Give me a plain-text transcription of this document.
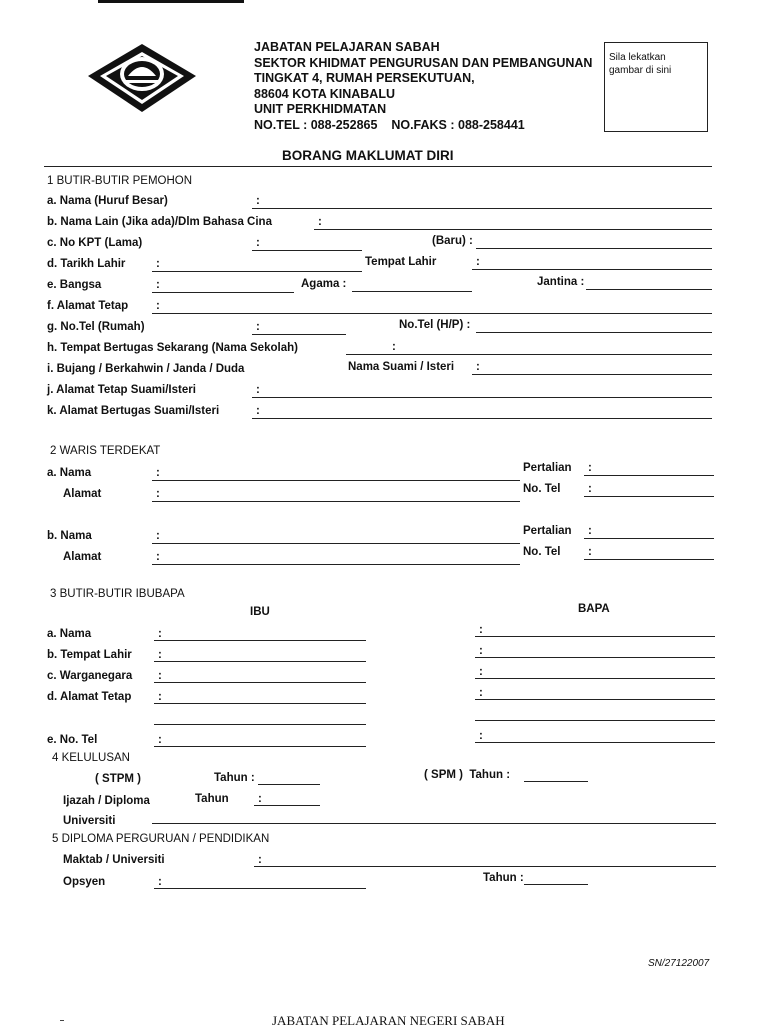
JABATAN PELAJARAN SABAH
SEKTOR KHIDMAT PENGURUSAN DAN PEMBANGUNAN
TINGKAT 4, RUMAH PERSEKUTUAN,
88604 KOTA KINABALU
UNIT PERKHIDMATAN
NO.TEL : 088-252865    NO.FAKS : 088-258441
Sila lekatkan
gambar di sini
BORANG MAKLUMAT DIRI
1 BUTIR-BUTIR PEMOHON
a. Nama (Huruf Besar)	:
b. Nama Lain (Jika ada)/Dlm Bahasa Cina	:
c. No KPT (Lama)	:	(Baru) :
d. Tarikh Lahir	:	Tempat Lahir	:
e. Bangsa	:	Agama :	Jantina :
f. Alamat Tetap :
g. No.Tel (Rumah)	:	No.Tel (H/P) :
h. Tempat Bertugas Sekarang (Nama Sekolah)	:
i. Bujang / Berkahwin / Janda / Duda	Nama Suami / Isteri :
j. Alamat Tetap Suami/Isteri	:
k. Alamat Bertugas Suami/Isteri	:
2 WARIS TERDEKAT
a. Nama	:	Pertalian :
Alamat	:	No. Tel :
b. Nama	:	Pertalian :
Alamat	:	No. Tel :
3 BUTIR-BUTIR IBUBAPA
IBU	BAPA
a. Nama	:	:
b. Tempat Lahir :	:
c. Warganegara :	:
d. Alamat Tetap :	:
e. No. Tel	:	:
4 KELULUSAN
( STPM )	Tahun :	( SPM )  Tahun :
Ijazah / Diploma	Tahun	:
Universiti
5 DIPLOMA PERGURUAN / PENDIDIKAN
Maktab / Universiti	:
Opsyen	:	Tahun :
SN/27122007
JABATAN PELAJARAN NEGERI SABAH
